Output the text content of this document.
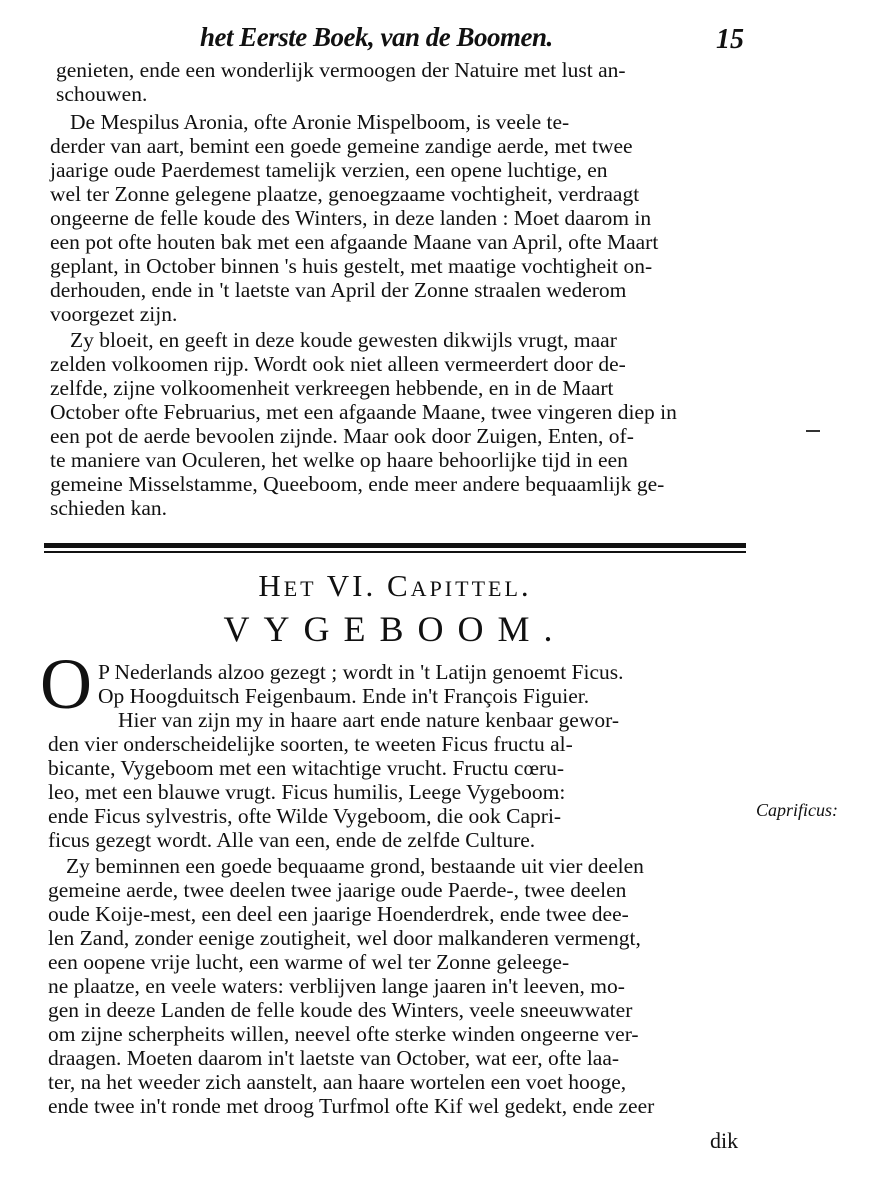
het Eerste Boek, van de Boomen.	15
genieten, ende een wonderlijk vermoogen der Natuire met lust an-
schouwen.
De Mespilus Aronia, ofte Aronie Mispelboom, is veele te-
derder van aart, bemint een goede gemeine zandige aerde, met twee
jaarige oude Paerdemest tamelijk verzien, een opene luchtige, en
wel ter Zonne gelegene plaatze, genoegzaame vochtigheit, verdraagt
ongeerne de felle koude des Winters, in deze landen : Moet daarom in
een pot ofte houten bak met een afgaande Maane van April, ofte Maart
geplant, in October binnen 's huis gestelt, met maatige vochtigheit on-
derhouden, ende in 't laetste van April der Zonne straalen wederom
voorgezet zijn.
Zy bloeit, en geeft in deze koude gewesten dikwijls vrugt, maar
zelden volkoomen rijp. Wordt ook niet alleen vermeerdert door de-
zelfde, zijne volkoomenheit verkreegen hebbende, en in de Maart
October ofte Februarius, met een afgaande Maane, twee vingeren diep in
een pot de aerde bevoolen zijnde. Maar ook door Zuigen, Enten, of-
te maniere van Oculeren, het welke op haare behoorlijke tijd in een
gemeine Misselstamme, Queeboom, ende meer andere bequaamlijk ge-
schieden kan.
Het VI. Capittel.
VYGEBOOM.
O P Nederlands alzoo gezegt ; wordt in 't Latijn genoemt Ficus.
Op Hoogduitsch Feigenbaum. Ende in't François Figuier.
Hier van zijn my in haare aart ende nature kenbaar gewor-
den vier onderscheidelijke soorten, te weeten Ficus fructu al-
bicante, Vygeboom met een witachtige vrucht. Fructu cœru-
leo, met een blauwe vrugt. Ficus humilis, Leege Vygeboom:
ende Ficus sylvestris, ofte Wilde Vygeboom, die ook Capri-
ficus gezegt wordt. Alle van een, ende de zelfde Culture.
Zy beminnen een goede bequaame grond, bestaande uit vier deelen
gemeine aerde, twee deelen twee jaarige oude Paerde-, twee deelen
oude Koije-mest, een deel een jaarige Hoenderdrek, ende twee dee-
len Zand, zonder eenige zoutigheit, wel door malkanderen vermengt,
een oopene vrije lucht, een warme of wel ter Zonne geleege-
ne plaatze, en veele waters: verblijven lange jaaren in't leeven, mo-
gen in deeze Landen de felle koude des Winters, veele sneeuwwater
om zijne scherpheits willen, neevel ofte sterke winden ongeerne ver-
draagen. Moeten daarom in't laetste van October, wat eer, ofte laa-
ter, na het weeder zich aanstelt, aan haare wortelen een voet hooge,
ende twee in't ronde met droog Turfmol ofte Kif wel gedekt, ende zeer
Caprificus:
dik
